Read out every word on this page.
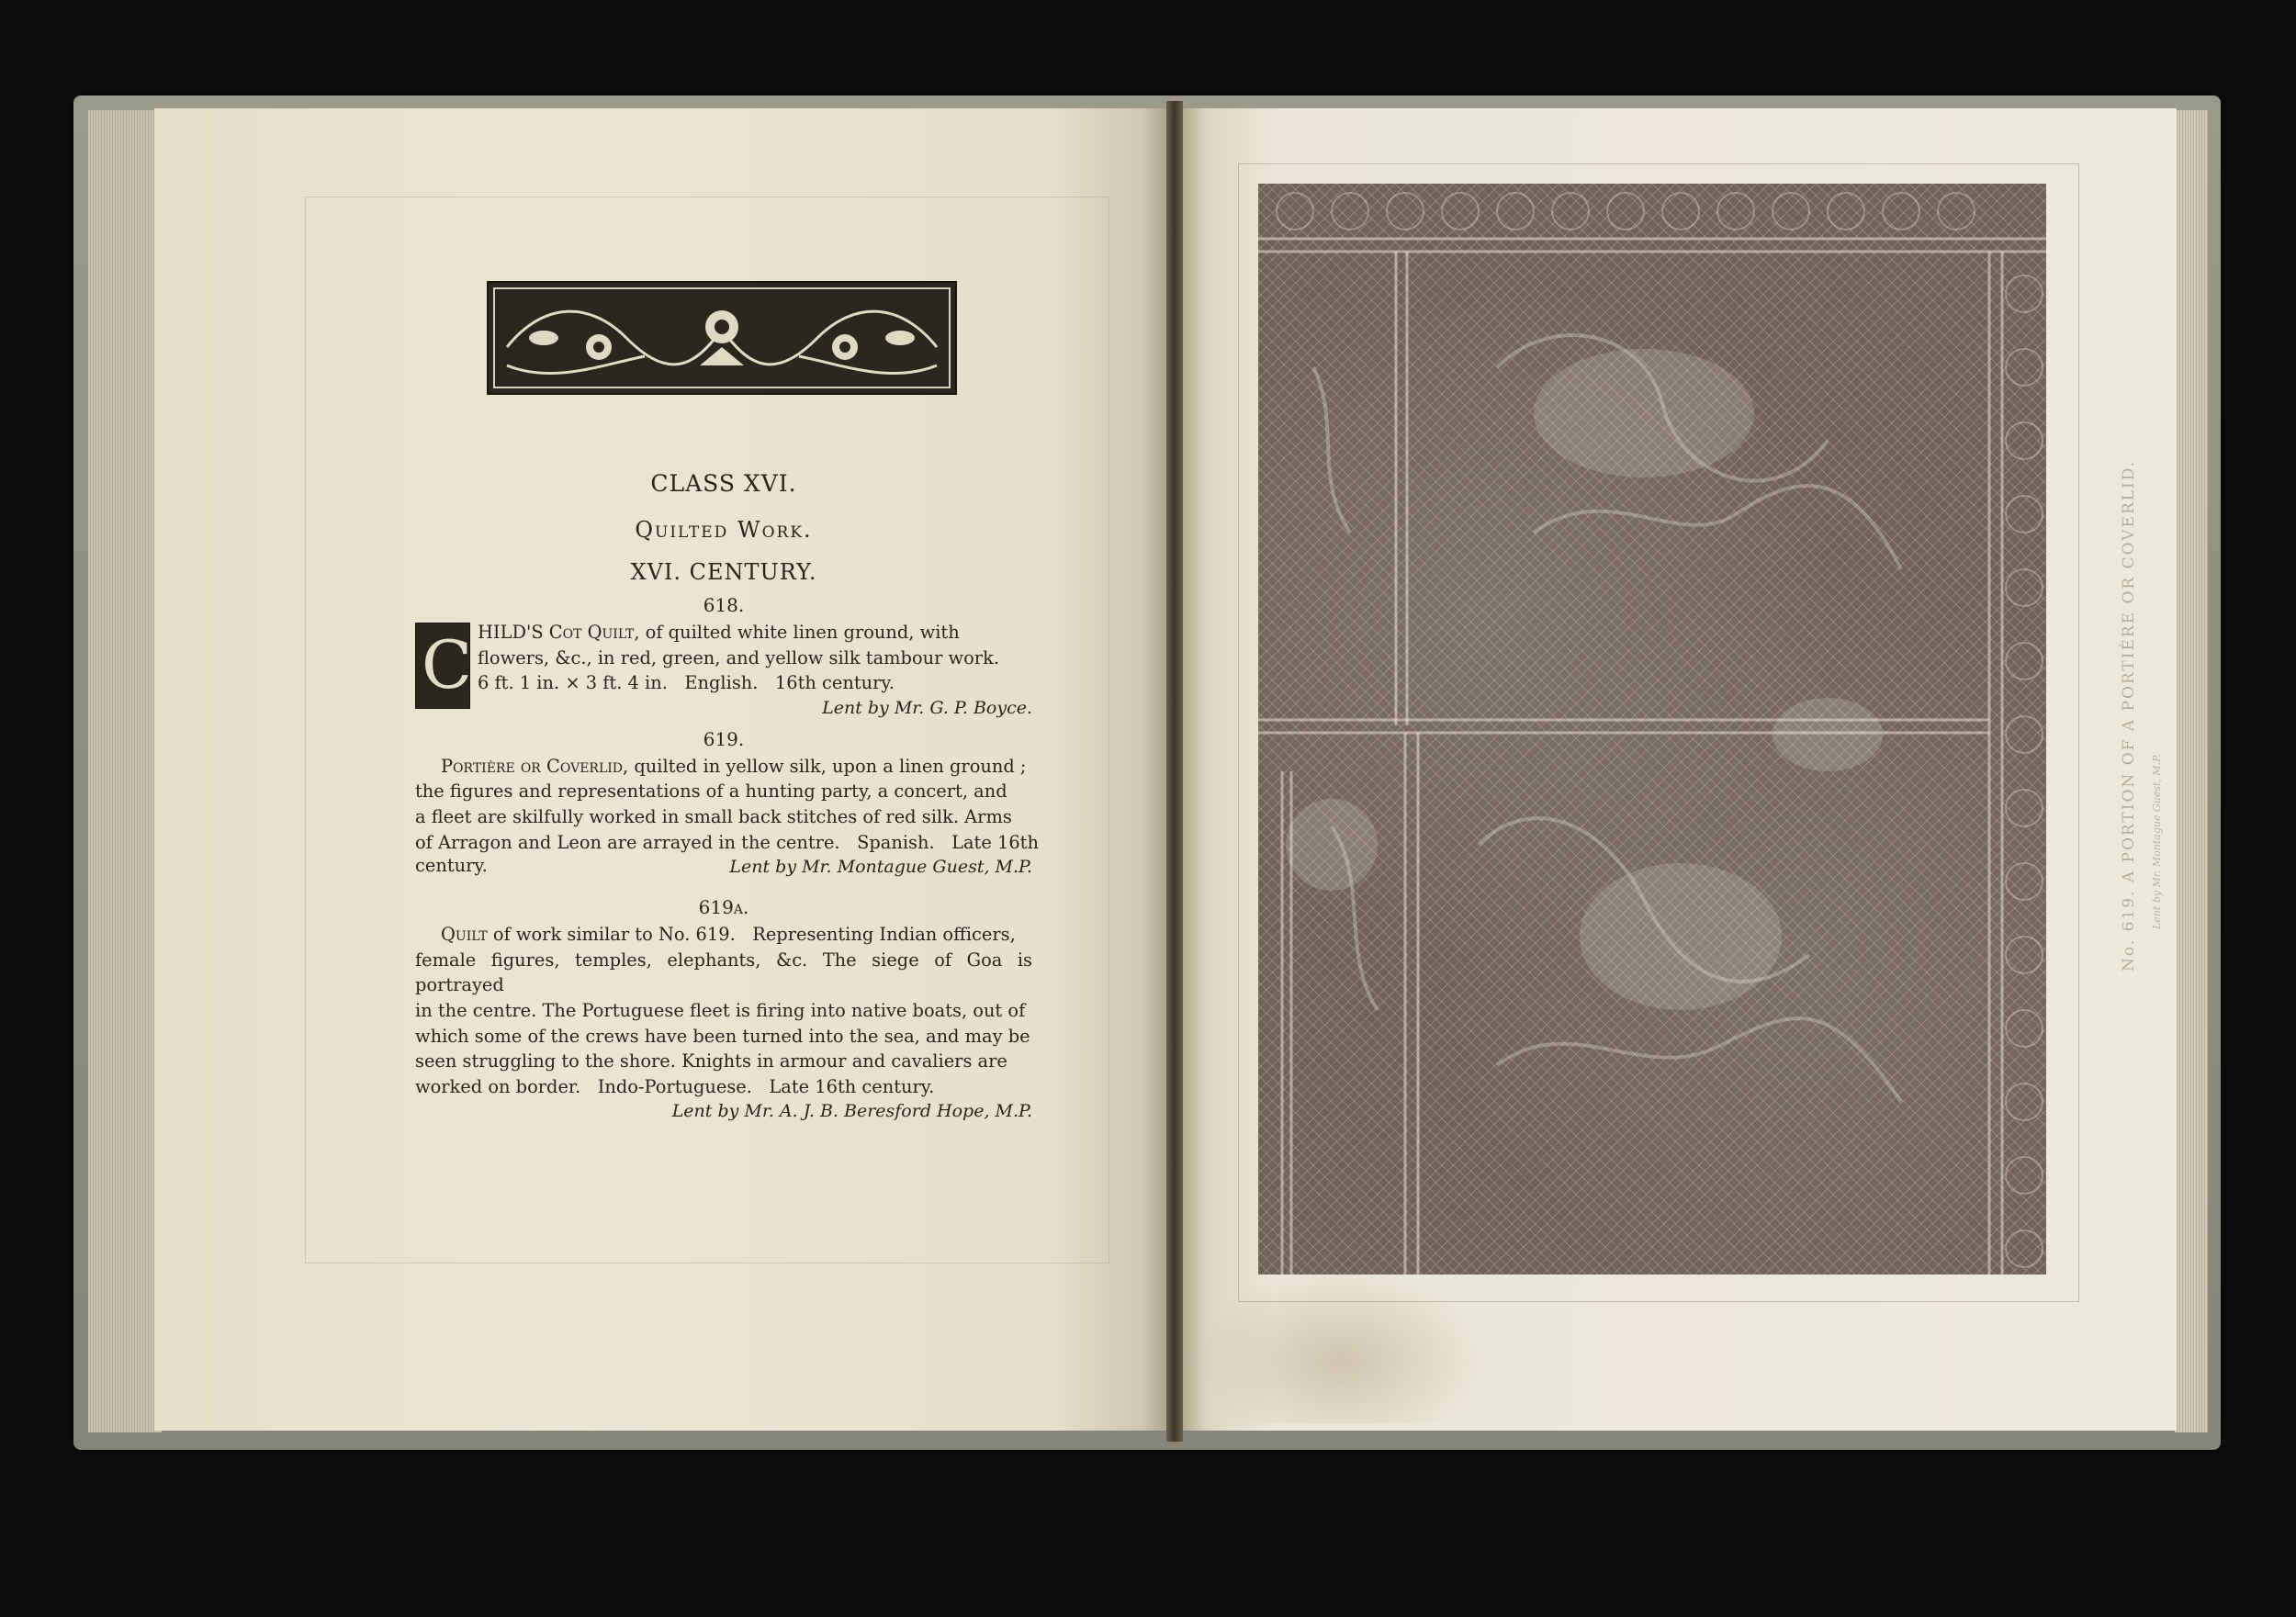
CLASS XVI.

Quilted Work.

XVI. CENTURY.

618.

C HILD'S Cot Quilt, of quilted white linen ground, with
flowers, &c., in red, green, and yellow silk tambour work.
6 ft. 1 in. × 3 ft. 4 in.   English.   16th century.

Lent by Mr. G. P. Boyce.

619.

Portière or Coverlid, quilted in yellow silk, upon a linen ground ;
the figures and representations of a hunting party, a concert, and
a fleet are skilfully worked in small back stitches of red silk. Arms
of Arragon and Leon are arrayed in the centre.   Spanish.   Late 16th

century.	Lent by Mr. Montague Guest, M.P.

619a.

Quilt of work similar to No. 619.   Representing Indian officers,
female figures, temples, elephants, &c. The siege of Goa is portrayed
in the centre. The Portuguese fleet is firing into native boats, out of
which some of the crews have been turned into the sea, and may be
seen struggling to the shore. Knights in armour and cavaliers are
worked on border.   Indo-Portuguese.   Late 16th century.

Lent by Mr. A. J. B. Beresford Hope, M.P.

No. 619. A PORTION OF A PORTIÈRE OR COVERLID. Lent by Mr. Montague Guest, M.P.
